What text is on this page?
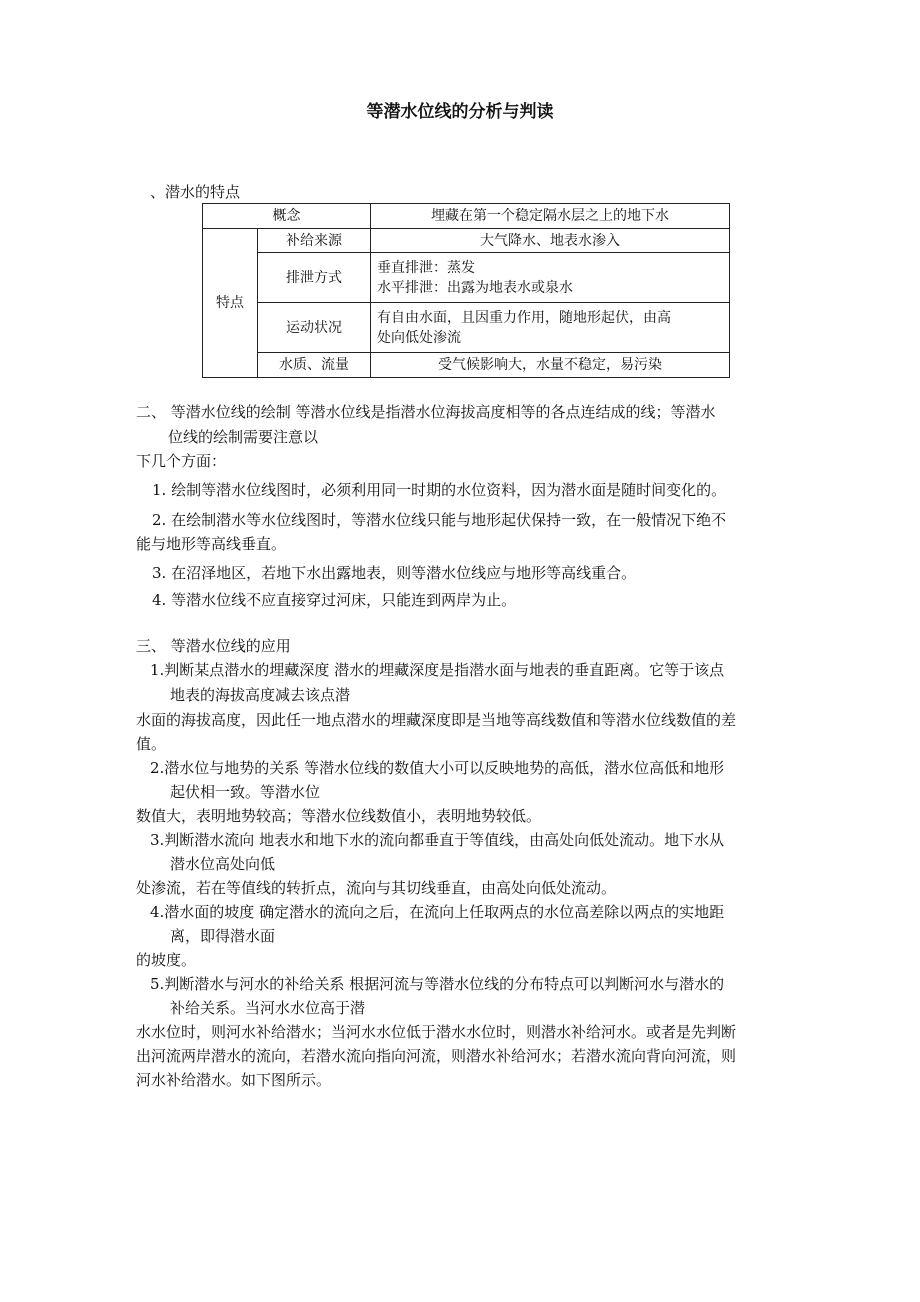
等潜水位线的分析与判读
、潜水的特点
概念		埋藏在第一个稳定隔水层之上的地下水
特点	补给来源	大气降水、地表水渗入
	排泄方式	垂直排泄：蒸发
水平排泄：出露为地表水或泉水

	运动状况	有自由水面，且因重力作用，随地形起伏，由高
处向低处渗流

	水质、流量	受气候影响大，水量不稳定，易污染
二、 等潜水位线的绘制 等潜水位线是指潜水位海拔高度相等的各点连结成的线；等潜水
位线的绘制需要注意以
下几个方面：
1. 绘制等潜水位线图时，必须利用同一时期的水位资料，因为潜水面是随时间变化的。
2. 在绘制潜水等水位线图时，等潜水位线只能与地形起伏保持一致，在一般情况下绝不
能与地形等高线垂直。
3. 在沼泽地区，若地下水出露地表，则等潜水位线应与地形等高线重合。
4. 等潜水位线不应直接穿过河床，只能连到两岸为止。
三、 等潜水位线的应用
1.判断某点潜水的埋藏深度 潜水的埋藏深度是指潜水面与地表的垂直距离。它等于该点
地表的海拔高度减去该点潜
水面的海拔高度，因此任一地点潜水的埋藏深度即是当地等高线数值和等潜水位线数值的差
值。
2.潜水位与地势的关系 等潜水位线的数值大小可以反映地势的高低，潜水位高低和地形
起伏相一致。等潜水位
数值大，表明地势较高；等潜水位线数值小，表明地势较低。
3.判断潜水流向 地表水和地下水的流向都垂直于等值线，由高处向低处流动。地下水从
潜水位高处向低
处渗流，若在等值线的转折点，流向与其切线垂直，由高处向低处流动。
4.潜水面的坡度 确定潜水的流向之后，在流向上任取两点的水位高差除以两点的实地距
离，即得潜水面
的坡度。
5.判断潜水与河水的补给关系 根据河流与等潜水位线的分布特点可以判断河水与潜水的
补给关系。当河水水位高于潜
水水位时，则河水补给潜水；当河水水位低于潜水水位时，则潜水补给河水。或者是先判断
出河流两岸潜水的流向，若潜水流向指向河流，则潜水补给河水；若潜水流向背向河流，则
河水补给潜水。如下图所示。
